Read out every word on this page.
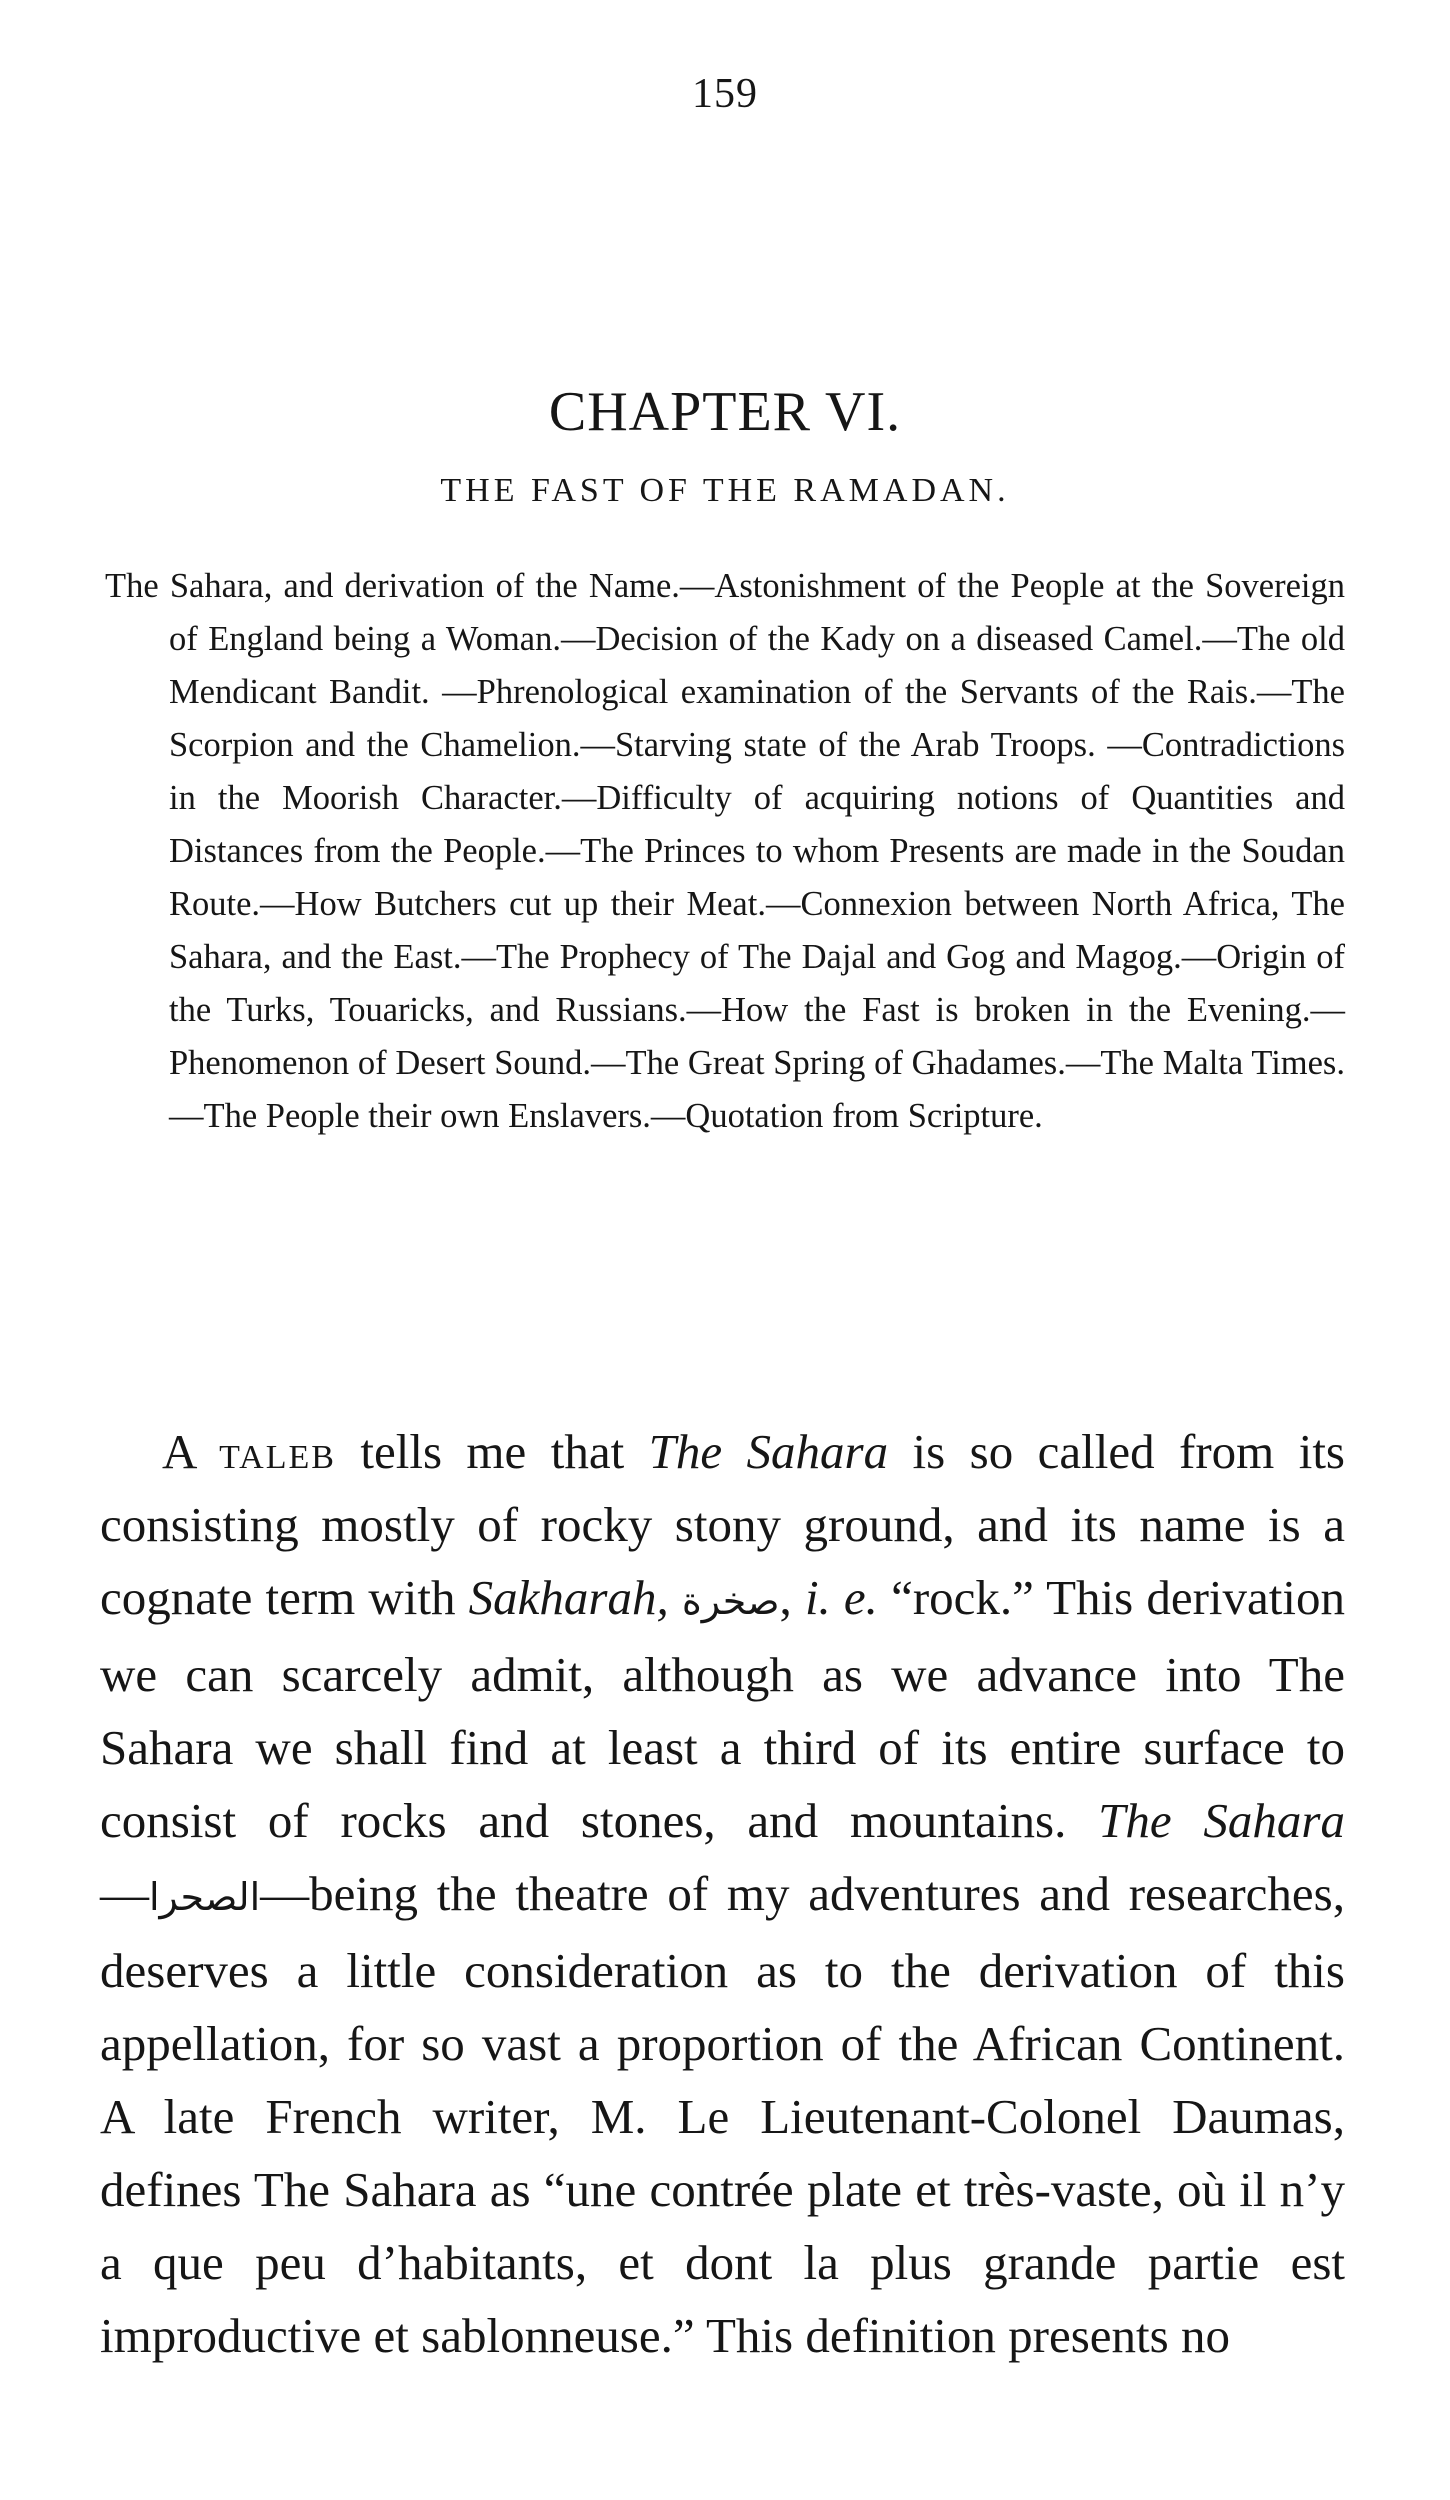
159
CHAPTER VI.
THE FAST OF THE RAMADAN.
The Sahara, and derivation of the Name.—Astonishment of the People at the Sovereign of England being a Woman.—Decision of the Kady on a diseased Camel.—The old Mendicant Bandit. —Phrenological examination of the Servants of the Rais.—The Scorpion and the Chamelion.—Starving state of the Arab Troops. —Contradictions in the Moorish Character.—Difficulty of acquiring notions of Quantities and Distances from the People.—The Princes to whom Presents are made in the Soudan Route.—How Butchers cut up their Meat.—Connexion between North Africa, The Sahara, and the East.—The Prophecy of The Dajal and Gog and Magog.—Origin of the Turks, Touaricks, and Russians.—How the Fast is broken in the Evening.—Phenomenon of Desert Sound.—The Great Spring of Ghadames.—The Malta Times.—The People their own Enslavers.—Quotation from Scripture.

A taleb tells me that The Sahara is so called from its consisting mostly of rocky stony ground, and its name is a cognate term with Sakharah, صخرة, i. e. “rock.” This derivation we can scarcely admit, although as we advance into The Sahara we shall find at least a third of its entire surface to consist of rocks and stones, and mountains. The Sahara—الصحرا—being the theatre of my adventures and researches, deserves a little consideration as to the derivation of this appellation, for so vast a proportion of the African Continent. A late French writer, M. Le Lieutenant-Colonel Daumas, defines The Sahara as “une contrée plate et très-vaste, où il n’y a que peu d’habitants, et dont la plus grande partie est improductive et sablonneuse.” This definition presents no
